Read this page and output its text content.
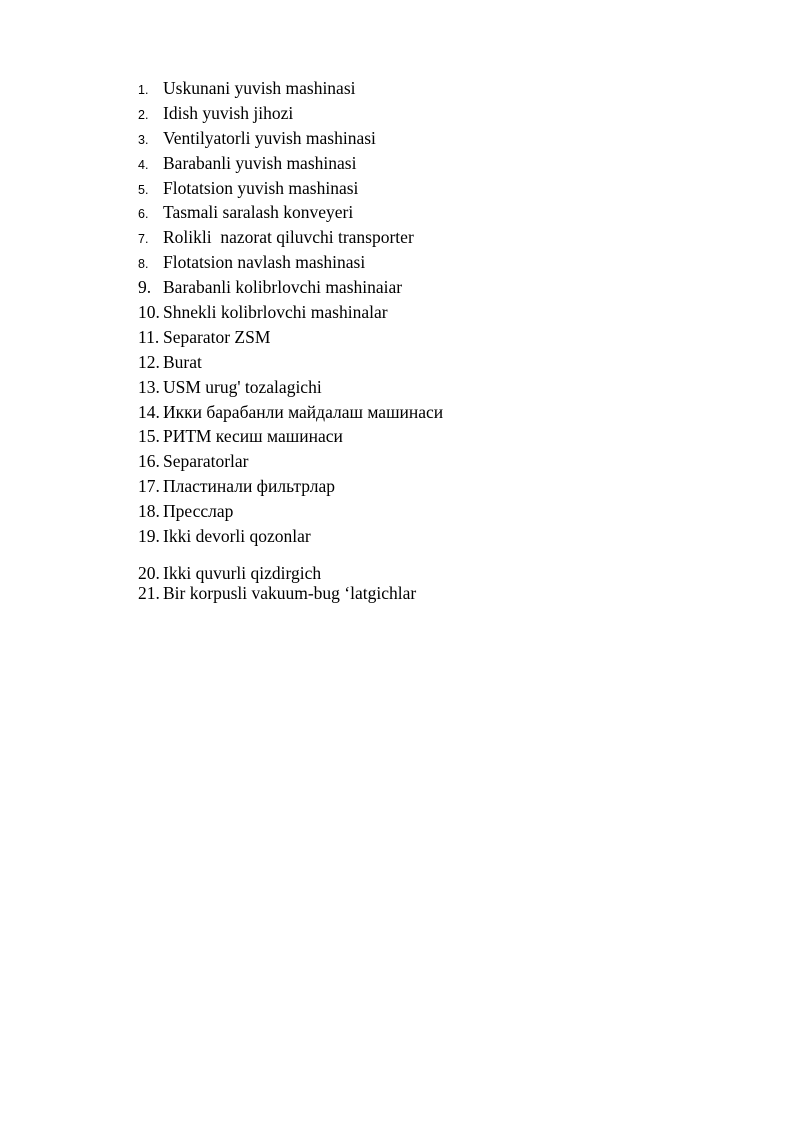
1. Uskunani yuvish mashinasi
2. Idish yuvish jihozi
3. Ventilyatorli yuvish mashinasi
4. Barabanli yuvish mashinasi
5. Flotatsion yuvish mashinasi
6. Tasmali saralash konveyeri
7. Rolikli  nazorat qiluvchi transporter
8. Flotatsion navlash mashinasi
9. Barabanli kolibrlovchi mashinaiar
10. Shnekli kolibrlovchi mashinalar
11. Separator ZSM
12. Burat
13. USM urug' tozalagichi
14. Икки барабанли майдалаш машинаси
15. РИТМ кесиш машинаси
16. Separatorlar
17. Пластинали фильтрлар
18. Пресслар
19. Ikki devorli qozonlar
20. Ikki quvurli qizdirgich
21. Bir korpusli vakuum-bug ‘latgichlar
